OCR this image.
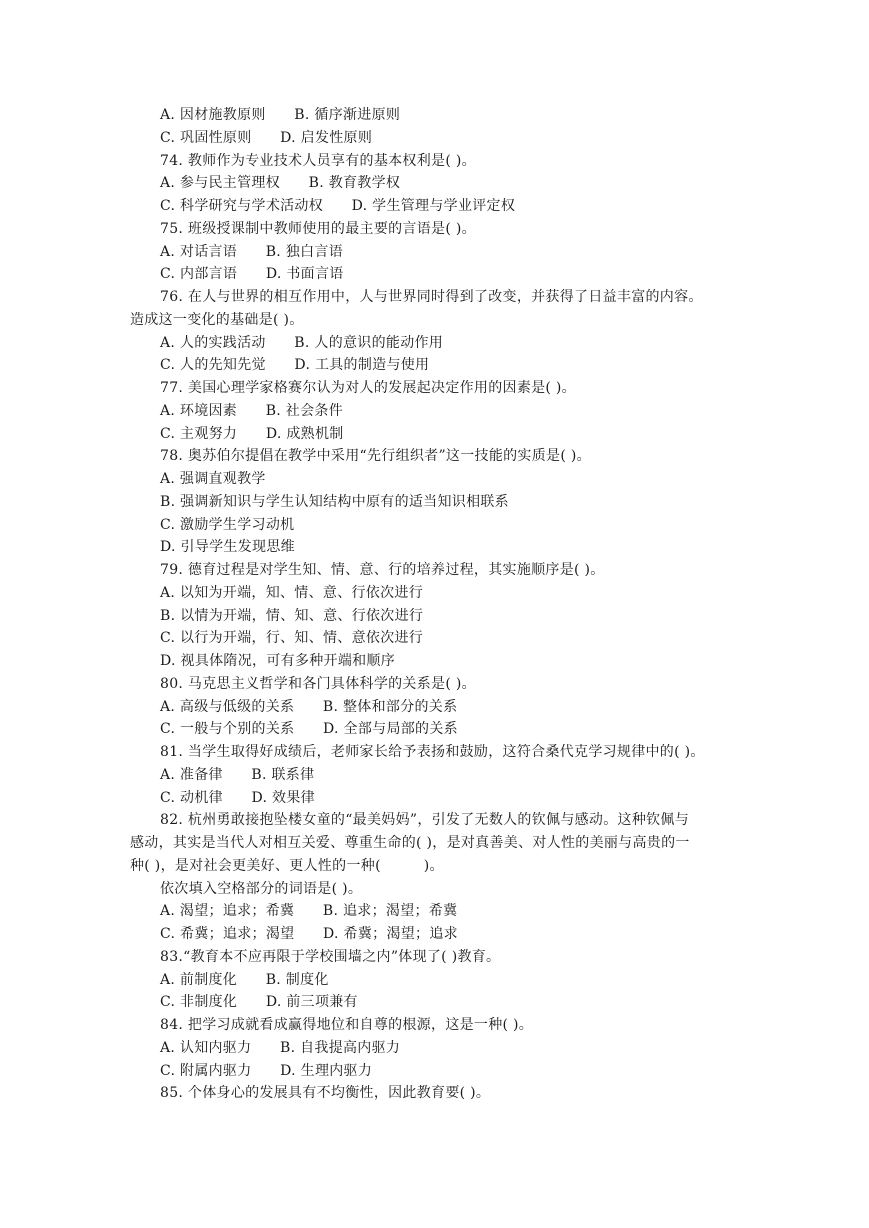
A. 因材施教原则　　B. 循序渐进原则
C. 巩固性原则　　D. 启发性原则
74. 教师作为专业技术人员享有的基本权利是( )。
A. 参与民主管理权　　B. 教育教学权
C. 科学研究与学术活动权　　D. 学生管理与学业评定权
75. 班级授课制中教师使用的最主要的言语是( )。
A. 对话言语　　B. 独白言语
C. 内部言语　　D. 书面言语
76. 在人与世界的相互作用中，人与世界同时得到了改变，并获得了日益丰富的内容。
造成这一变化的基础是( )。
A. 人的实践活动　　B. 人的意识的能动作用
C. 人的先知先觉　　D. 工具的制造与使用
77. 美国心理学家格赛尔认为对人的发展起决定作用的因素是( )。
A. 环境因素　　B. 社会条件
C. 主观努力　　D. 成熟机制
78. 奥苏伯尔提倡在教学中采用“先行组织者”这一技能的实质是( )。
A. 强调直观教学
B. 强调新知识与学生认知结构中原有的适当知识相联系
C. 激励学生学习动机
D. 引导学生发现思维
79. 德育过程是对学生知、情、意、行的培养过程，其实施顺序是( )。
A. 以知为开端，知、情、意、行依次进行
B. 以情为开端，情、知、意、行依次进行
C. 以行为开端，行、知、情、意依次进行
D. 视具体隋况，可有多种开端和顺序
80. 马克思主义哲学和各门具体科学的关系是( )。
A. 高级与低级的关系　　B. 整体和部分的关系
C. 一般与个别的关系　　D. 全部与局部的关系
81. 当学生取得好成绩后，老师家长给予表扬和鼓励，这符合桑代克学习规律中的( )。
A. 准备律　　B. 联系律
C. 动机律　　D. 效果律
82. 杭州勇敢接抱坠楼女童的“最美妈妈”，引发了无数人的钦佩与感动。这种钦佩与
感动，其实是当代人对相互关爱、尊重生命的( )，是对真善美、对人性的美丽与高贵的一
种( )，是对社会更美好、更人性的一种(　　　)。
依次填入空格部分的词语是( )。
A. 渴望；追求；希冀　　B. 追求；渴望；希冀
C. 希冀；追求；渴望　　D. 希冀；渴望；追求
83.“教育本不应再限于学校围墙之内”体现了( )教育。
A. 前制度化　　B. 制度化
C. 非制度化　　D. 前三项兼有
84. 把学习成就看成赢得地位和自尊的根源，这是一种( )。
A. 认知内驱力　　B. 自我提高内驱力
C. 附属内驱力　　D. 生理内驱力
85. 个体身心的发展具有不均衡性，因此教育要( )。
